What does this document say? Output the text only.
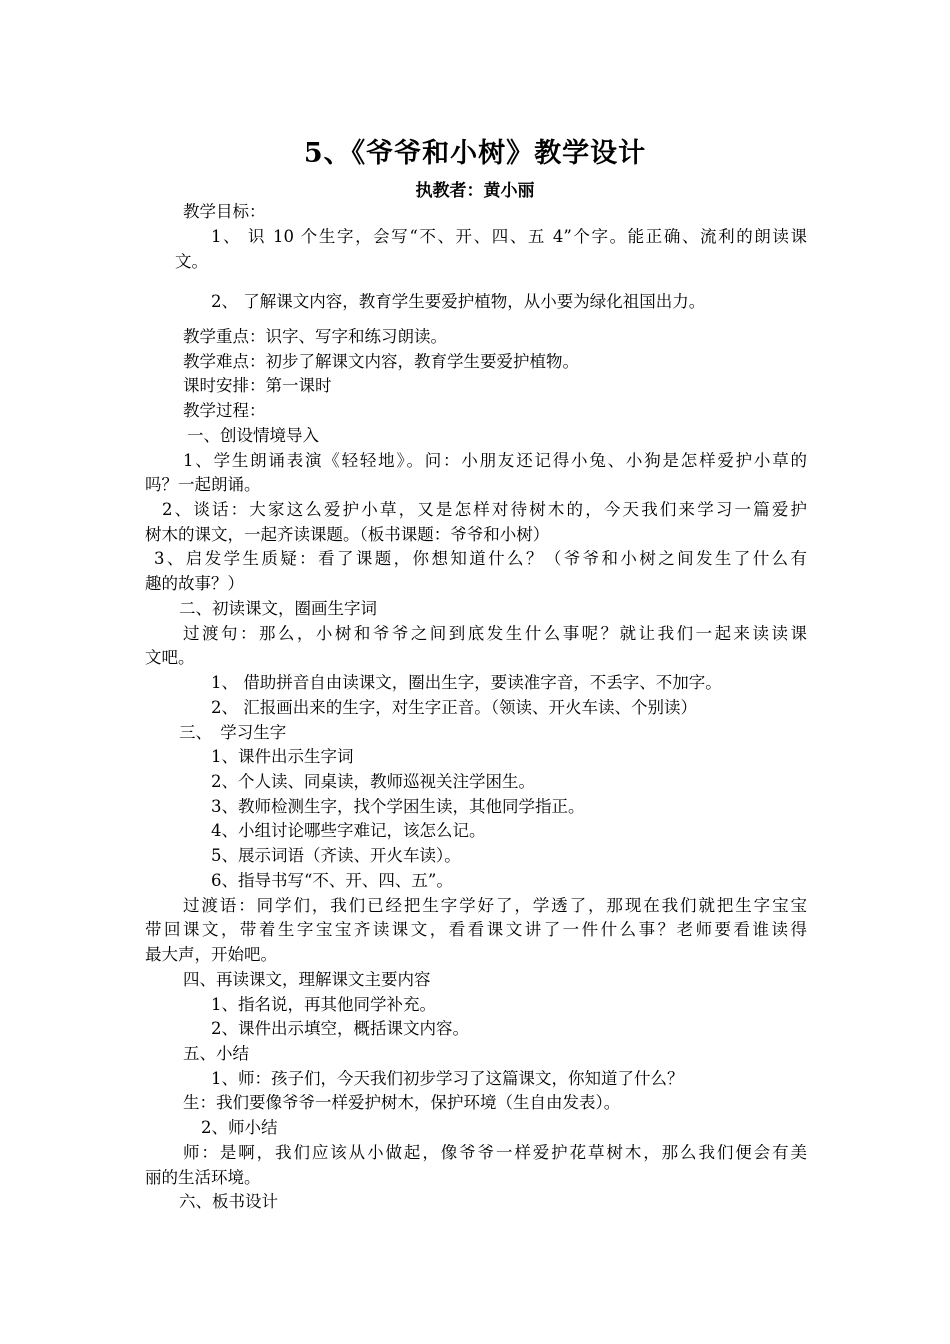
5、《爷爷和小树》教学设计
执教者：黄小丽
教学目标：
1、 识 10 个生字，会写“不、开、四、五 4”个字。能正确、流利的朗读课
文。
2、 了解课文内容，教育学生要爱护植物，从小要为绿化祖国出力。
教学重点：识字、写字和练习朗读。
教学难点：初步了解课文内容，教育学生要爱护植物。
课时安排：第一课时
教学过程：
一、创设情境导入
1、学生朗诵表演《轻轻地》。问：小朋友还记得小兔、小狗是怎样爱护小草的
吗？一起朗诵。
2、谈话：大家这么爱护小草，又是怎样对待树木的，今天我们来学习一篇爱护
树木的课文，一起齐读课题。（板书课题：爷爷和小树）
3、启发学生质疑：看了课题，你想知道什么？（爷爷和小树之间发生了什么有
趣的故事？）
二、初读课文，圈画生字词
过渡句：那么，小树和爷爷之间到底发生什么事呢？就让我们一起来读读课
文吧。
1、 借助拼音自由读课文，圈出生字，要读准字音，不丢字、不加字。
2、 汇报画出来的生字，对生字正音。（领读、开火车读、个别读）
三、　学习生字
1、课件出示生字词
2、个人读、同桌读，教师巡视关注学困生。
3、教师检测生字，找个学困生读，其他同学指正。
4、小组讨论哪些字难记，该怎么记。
5、展示词语（齐读、开火车读）。
6、指导书写“不、开、四、五”。
过渡语：同学们，我们已经把生字学好了，学透了，那现在我们就把生字宝宝
带回课文，带着生字宝宝齐读课文，看看课文讲了一件什么事？老师要看谁读得
最大声，开始吧。
四、再读课文，理解课文主要内容
1、指名说，再其他同学补充。
2、课件出示填空，概括课文内容。
五、小结
1、师：孩子们，今天我们初步学习了这篇课文，你知道了什么？
生：我们要像爷爷一样爱护树木，保护环境（生自由发表）。
2、师小结
师：是啊，我们应该从小做起，像爷爷一样爱护花草树木，那么我们便会有美
丽的生活环境。
六、板书设计
